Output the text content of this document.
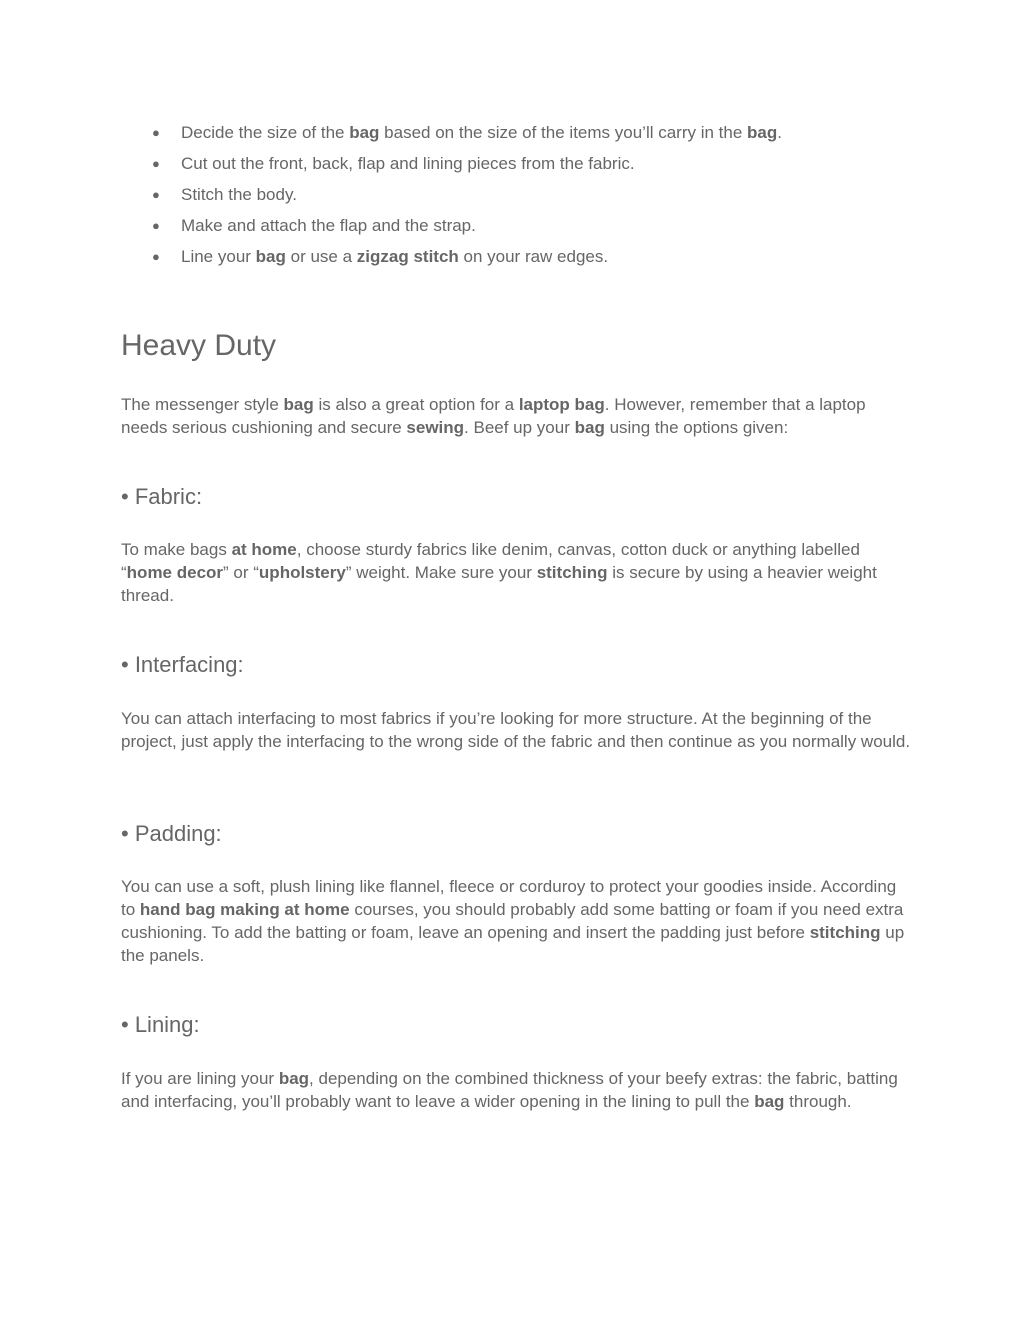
● Decide the size of the bag based on the size of the items you’ll carry in the bag.
● Cut out the front, back, flap and lining pieces from the fabric.
● Stitch the body.
● Make and attach the flap and the strap.
● Line your bag or use a zigzag stitch on your raw edges.
Heavy Duty

The messenger style bag is also a great option for a laptop bag. However, remember that a laptop needs serious cushioning and secure sewing. Beef up your bag using the options given:

• Fabric:

To make bags at home, choose sturdy fabrics like denim, canvas, cotton duck or anything labelled “home decor” or “upholstery” weight. Make sure your stitching is secure by using a heavier weight thread.

• Interfacing:

You can attach interfacing to most fabrics if you’re looking for more structure. At the beginning of the project, just apply the interfacing to the wrong side of the fabric and then continue as you normally would.

• Padding:

You can use a soft, plush lining like flannel, fleece or corduroy to protect your goodies inside. According to hand bag making at home courses, you should probably add some batting or foam if you need extra cushioning. To add the batting or foam, leave an opening and insert the padding just before stitching up the panels.

• Lining:

If you are lining your bag, depending on the combined thickness of your beefy extras: the fabric, batting and interfacing, you’ll probably want to leave a wider opening in the lining to pull the bag through.
